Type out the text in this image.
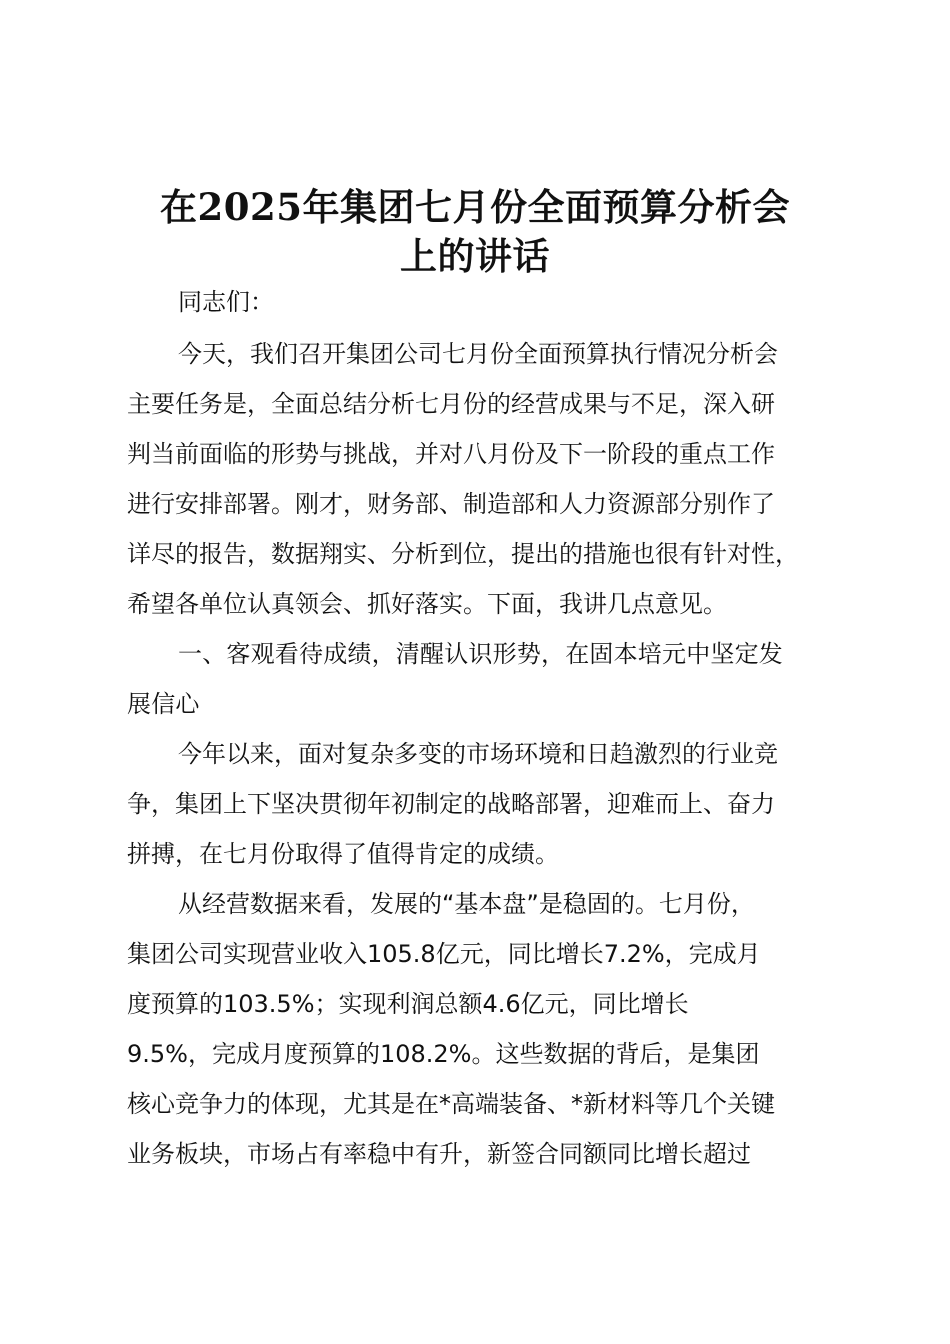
在2025年集团七月份全面预算分析会
上的讲话

同志们：

今天，我们召开集团公司七月份全面预算执行情况分析会

主要任务是，全面总结分析七月份的经营成果与不足，深入研

判当前面临的形势与挑战，并对八月份及下一阶段的重点工作

进行安排部署。刚才，财务部、制造部和人力资源部分别作了

详尽的报告，数据翔实、分析到位，提出的措施也很有针对性，

希望各单位认真领会、抓好落实。下面，我讲几点意见。

一、客观看待成绩，清醒认识形势，在固本培元中坚定发

展信心

今年以来，面对复杂多变的市场环境和日趋激烈的行业竞

争，集团上下坚决贯彻年初制定的战略部署，迎难而上、奋力

拼搏，在七月份取得了值得肯定的成绩。

从经营数据来看，发展的“基本盘”是稳固的。七月份，

集团公司实现营业收入105.8亿元，同比增长7.2%，完成月

度预算的103.5%；实现利润总额4.6亿元，同比增长

9.5%，完成月度预算的108.2%。这些数据的背后，是集团

核心竞争力的体现，尤其是在*高端装备、*新材料等几个关键

业务板块，市场占有率稳中有升，新签合同额同比增长超过
